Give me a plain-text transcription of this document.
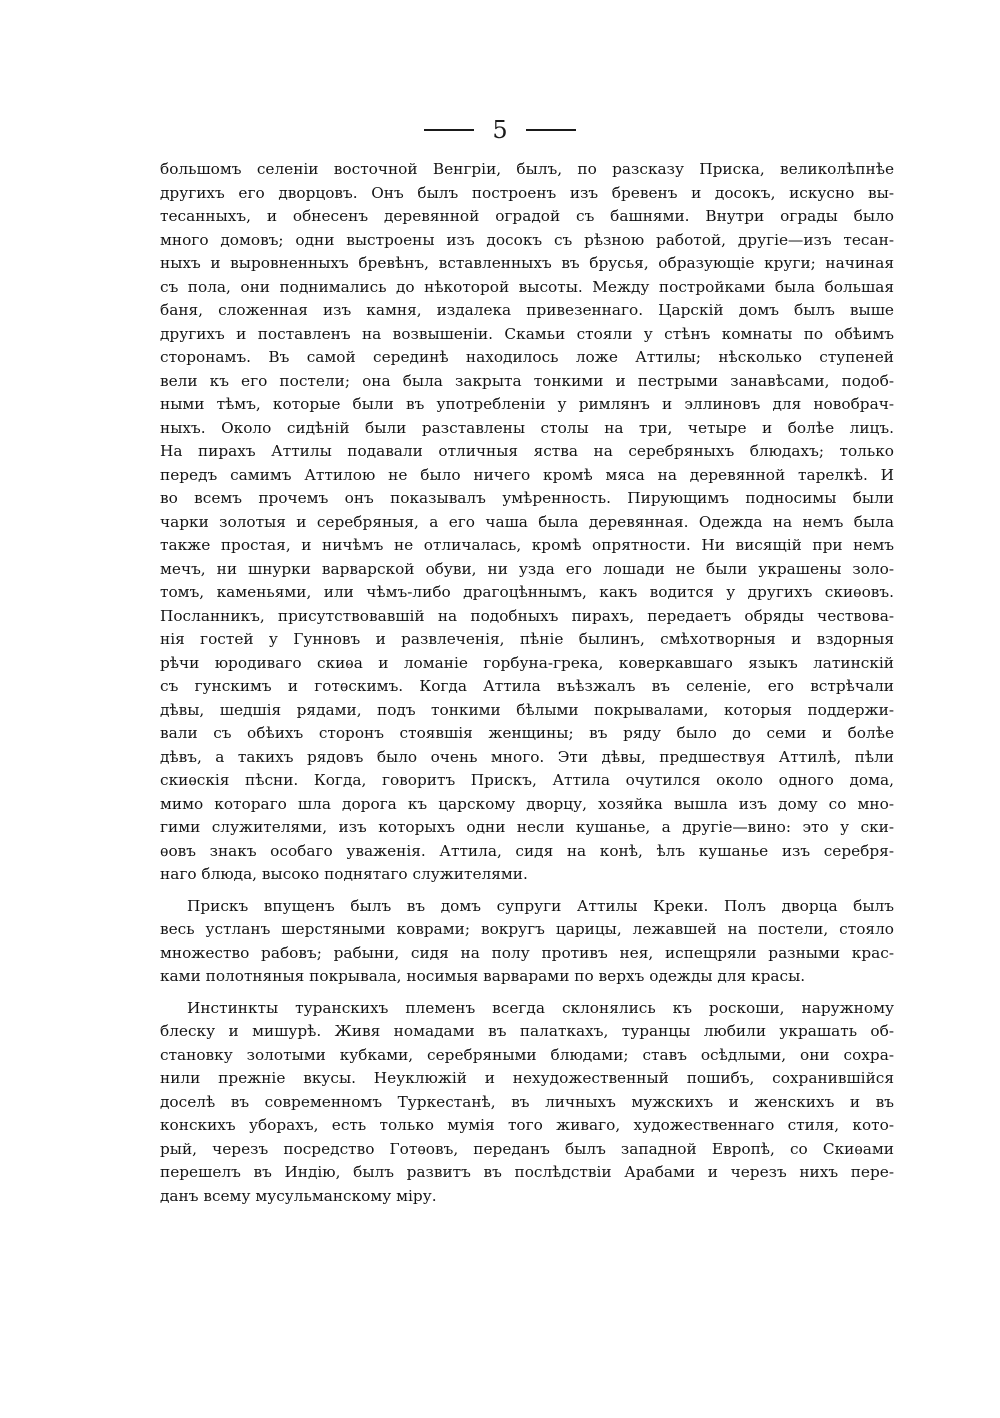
5
большомъ селеніи восточной Венгріи, былъ, по разсказу Приска, великолѣпнѣе
другихъ его дворцовъ. Онъ былъ построенъ изъ бревенъ и досокъ, искусно вы-
тесанныхъ, и обнесенъ деревянной оградой съ башнями. Внутри ограды было
много домовъ; одни выстроены изъ досокъ съ рѣзною работой, другіе—изъ тесан-
ныхъ и выровненныхъ бревѣнъ, вставленныхъ въ брусья, образующіе круги; начиная
съ пола, они поднимались до нѣкоторой высоты. Между постройками была большая
баня, сложенная изъ камня, издалека привезеннаго. Царскій домъ былъ выше
другихъ и поставленъ на возвышеніи. Скамьи стояли у стѣнъ комнаты по обѣимъ
сторонамъ. Въ самой серединѣ находилось ложе Аттилы; нѣсколько ступеней
вели къ его постели; она была закрыта тонкими и пестрыми занавѣсами, подоб-
ными тѣмъ, которые были въ употребленіи у римлянъ и эллиновъ для новобрач-
ныхъ. Около сидѣній были разставлены столы на три, четыре и болѣе лицъ.
На пирахъ Аттилы подавали отличныя яства на серебряныхъ блюдахъ; только
передъ самимъ Аттилою не было ничего кромѣ мяса на деревянной тарелкѣ. И
во всемъ прочемъ онъ показывалъ умѣренность. Пирующимъ подносимы были
чарки золотыя и серебряныя, а его чаша была деревянная. Одежда на немъ была
также простая, и ничѣмъ не отличалась, кромѣ опрятности. Ни висящій при немъ
мечъ, ни шнурки варварской обуви, ни узда его лошади не были украшены золо-
томъ, каменьями, или чѣмъ-либо драгоцѣннымъ, какъ водится у другихъ скиѳовъ.
Посланникъ, присутствовавшій на подобныхъ пирахъ, передаетъ обряды чествова-
нія гостей у Гунновъ и развлеченія, пѣніе былинъ, смѣхотворныя и вздорныя
рѣчи юродиваго скиѳа и ломаніе горбуна-грека, коверкавшаго языкъ латинскій
съ гунскимъ и готѳскимъ. Когда Аттила въѣзжалъ въ селеніе, его встрѣчали
дѣвы, шедшія рядами, подъ тонкими бѣлыми покрывалами, которыя поддержи-
вали съ обѣихъ сторонъ стоявшія женщины; въ ряду было до семи и болѣе
дѣвъ, а такихъ рядовъ было очень много. Эти дѣвы, предшествуя Аттилѣ, пѣли
скиѳскія пѣсни. Когда, говоритъ Прискъ, Аттила очутился около одного дома,
мимо котораго шла дорога къ царскому дворцу, хозяйка вышла изъ дому со мно-
гими служителями, изъ которыхъ одни несли кушанье, а другіе—вино: это у ски-
ѳовъ знакъ особаго уваженія. Аттила, сидя на конѣ, ѣлъ кушанье изъ серебря-
наго блюда, высоко поднятаго служителями.
Прискъ впущенъ былъ въ домъ супруги Аттилы Креки. Полъ дворца былъ
весь устланъ шерстяными коврами; вокругъ царицы, лежавшей на постели, стояло
множество рабовъ; рабыни, сидя на полу противъ нея, испещряли разными крас-
ками полотняныя покрывала, носимыя варварами по верхъ одежды для красы.
Инстинкты туранскихъ племенъ всегда склонялись къ роскоши, наружному
блеску и мишурѣ. Живя номадами въ палаткахъ, туранцы любили украшать об-
становку золотыми кубками, серебряными блюдами; ставъ осѣдлыми, они сохра-
нили прежніе вкусы. Неуклюжій и нехудожественный пошибъ, сохранившійся
доселѣ въ современномъ Туркестанѣ, въ личныхъ мужскихъ и женскихъ и въ
конскихъ уборахъ, есть только мумія того живаго, художественнаго стиля, кото-
рый, черезъ посредство Готѳовъ, переданъ былъ западной Европѣ, со Скиѳами
перешелъ въ Индію, былъ развитъ въ послѣдствіи Арабами и черезъ нихъ пере-
данъ всему мусульманскому міру.
